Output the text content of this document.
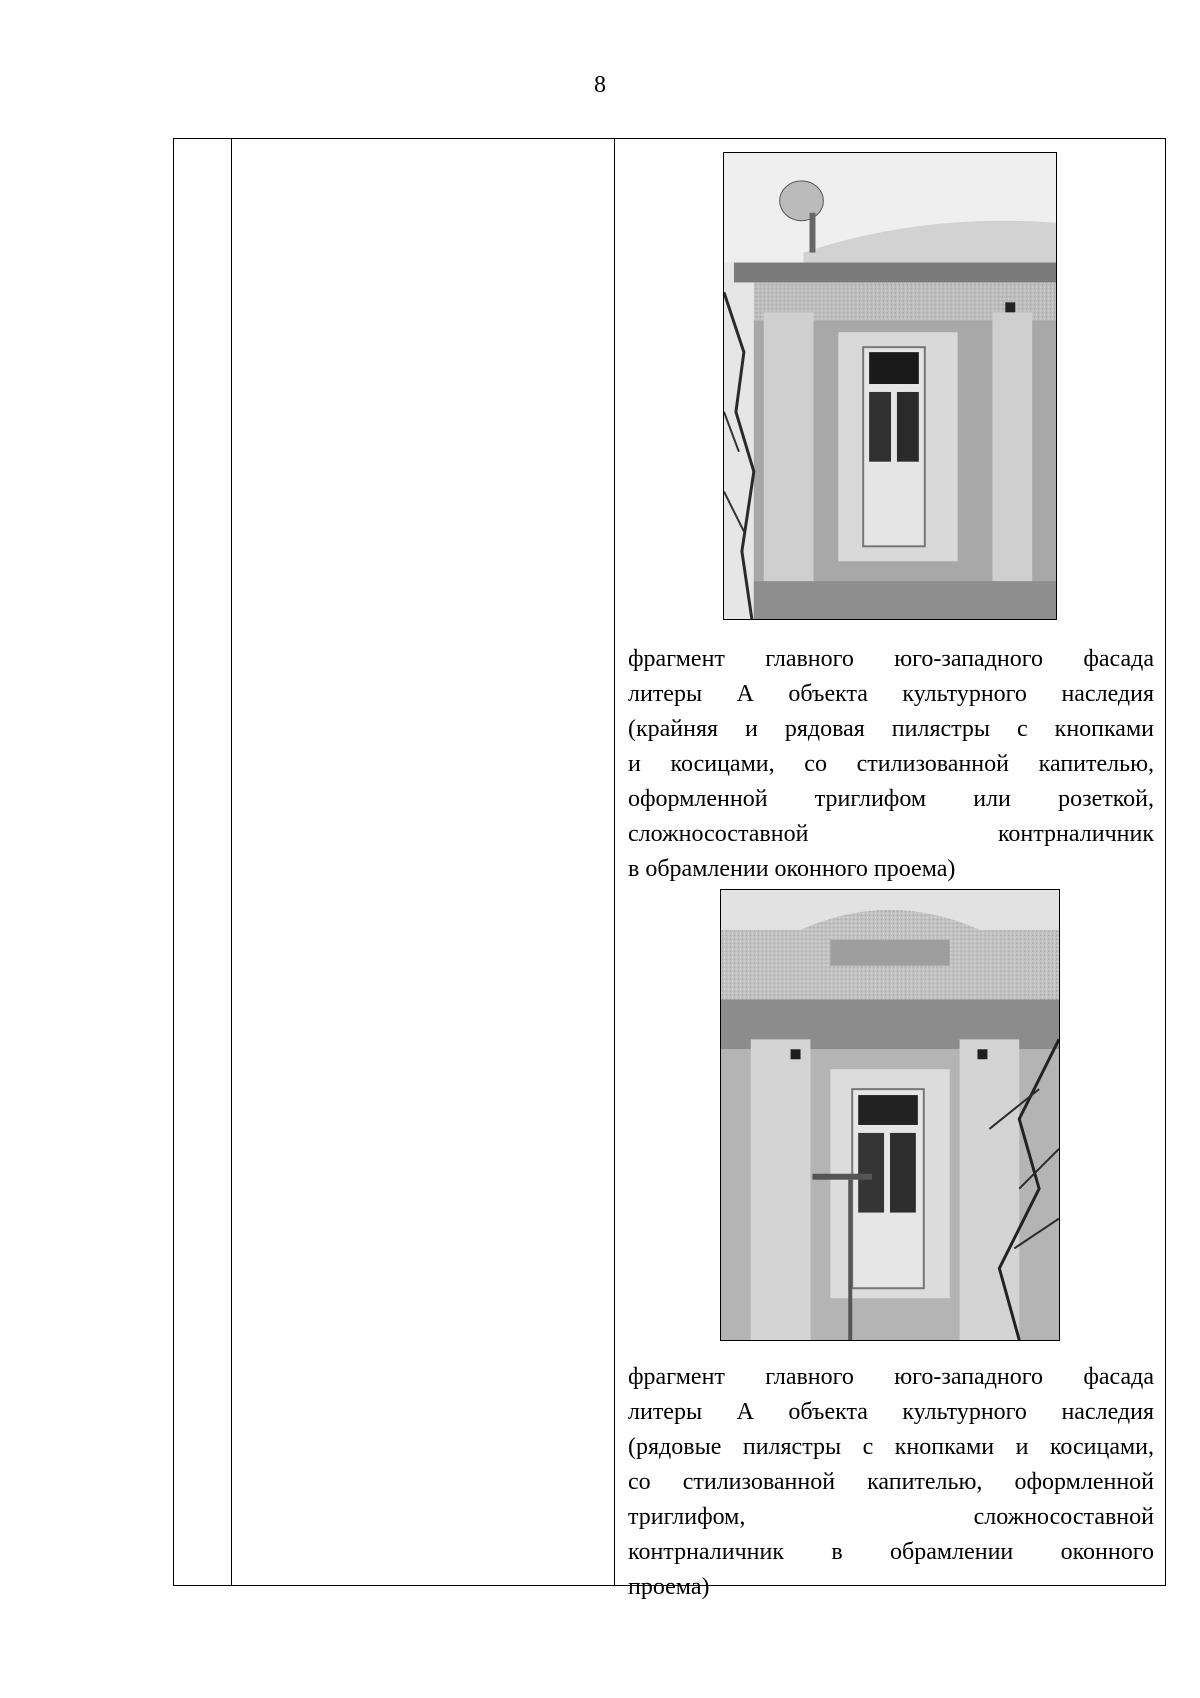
8
фрагмент главного юго-западного фасада
литеры А объекта культурного наследия
(крайняя и рядовая пилястры с кнопками
и косицами, со стилизованной капителью,
оформленной триглифом или розеткой,
сложносоставной контрналичник
в обрамлении оконного проема)
фрагмент главного юго-западного фасада
литеры А объекта культурного наследия
(рядовые пилястры с кнопками и косицами,
со стилизованной капителью, оформленной
триглифом, сложносоставной
контрналичник в обрамлении оконного
проема)
